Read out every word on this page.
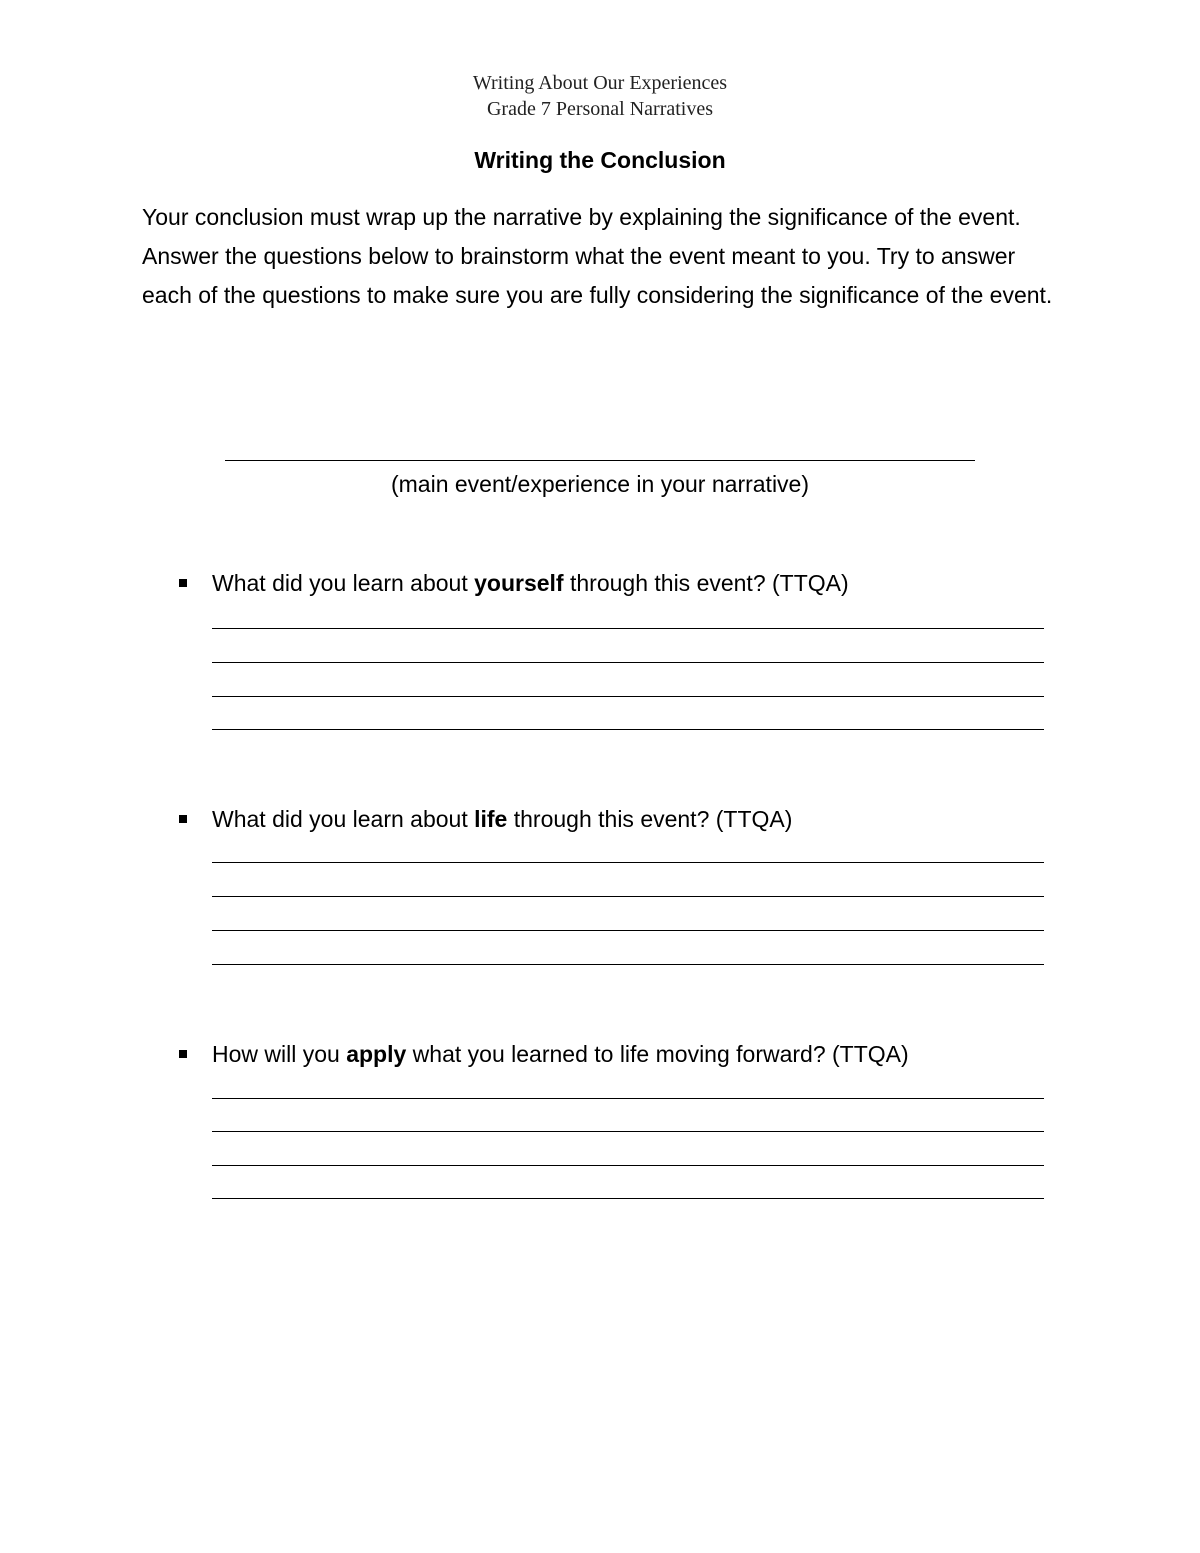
Writing About Our Experiences
Grade 7 Personal Narratives
Writing the Conclusion

Your conclusion must wrap up the narrative by explaining the significance of the event. Answer the questions below to brainstorm what the event meant to you. Try to answer each of the questions to make sure you are fully considering the significance of the event.

(main event/experience in your narrative)
What did you learn about yourself through this event? (TTQA)
What did you learn about life through this event? (TTQA)
How will you apply what you learned to life moving forward? (TTQA)
